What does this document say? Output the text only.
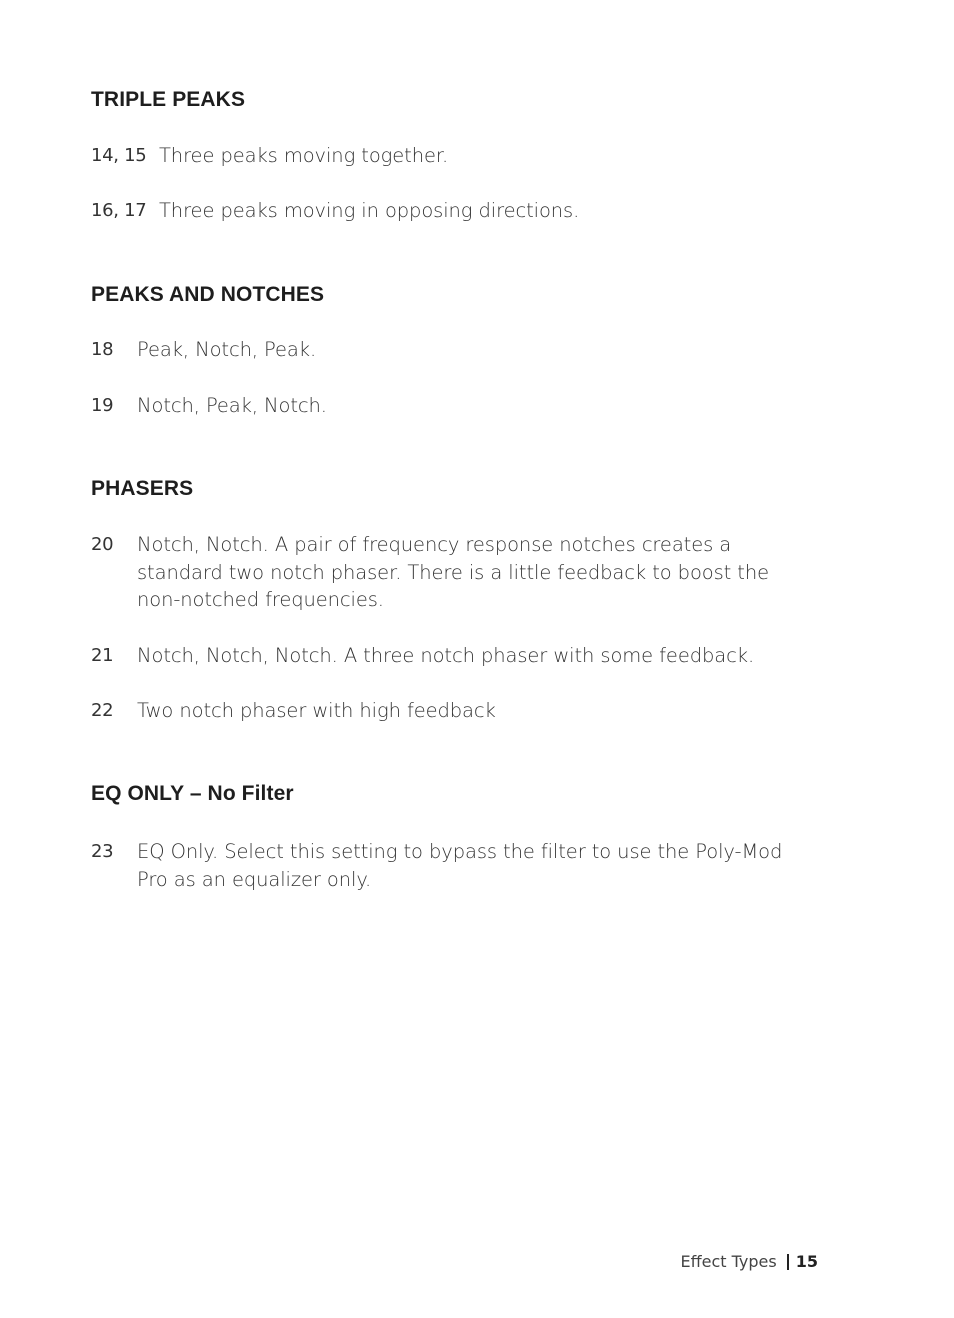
TRIPLE PEAKS
14, 15 Three peaks moving together.
16, 17 Three peaks moving in opposing directions.
PEAKS AND NOTCHES
18	Peak, Notch, Peak.
19	Notch, Peak, Notch.
PHASERS
20	Notch, Notch. A pair of frequency response notches creates a standard two notch phaser. There is a little feedback to boost the non-notched frequencies.
21	Notch, Notch, Notch. A three notch phaser with some feedback.
22	Two notch phaser with high feedback
EQ ONLY – No Filter
23	EQ Only. Select this setting to bypass the filter to use the Poly-Mod Pro as an equalizer only.
Effect Types 15
